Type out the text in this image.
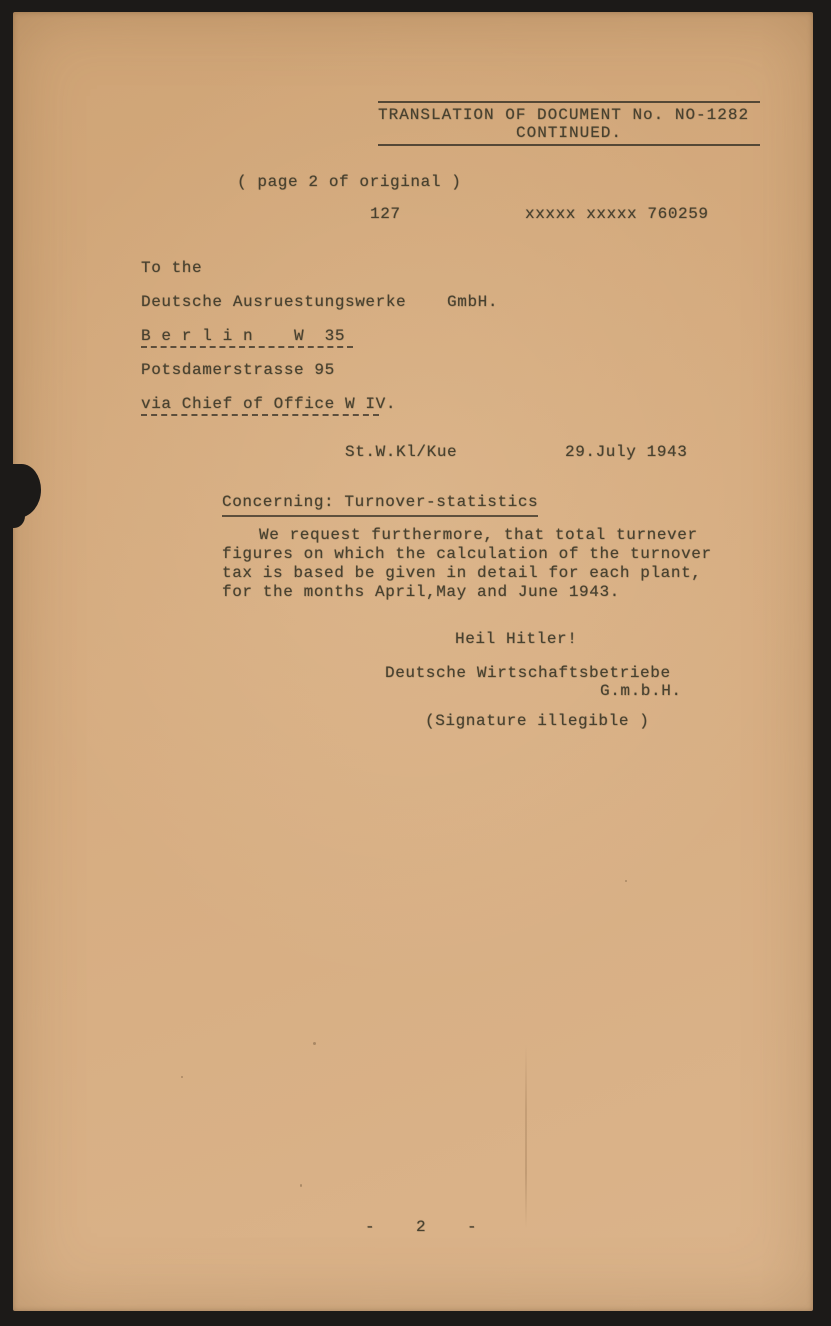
TRANSLATION OF DOCUMENT No. NO-1282
CONTINUED.
( page 2 of original )
127	xxxxx xxxxx 760259
To the
Deutsche Ausruestungswerke    GmbH.
B e r l i n    W  35
Potsdamerstrasse 95
via Chief of Office W IV.
St.W.Kl/Kue	29.July 1943
Concerning: Turnover-statistics
We request furthermore, that total turnever
figures on which the calculation of the turnover
tax is based be given in detail for each plant,
for the months April,May and June 1943.
Heil Hitler!
Deutsche Wirtschaftsbetriebe
G.m.b.H.
(Signature illegible )
-    2    -
